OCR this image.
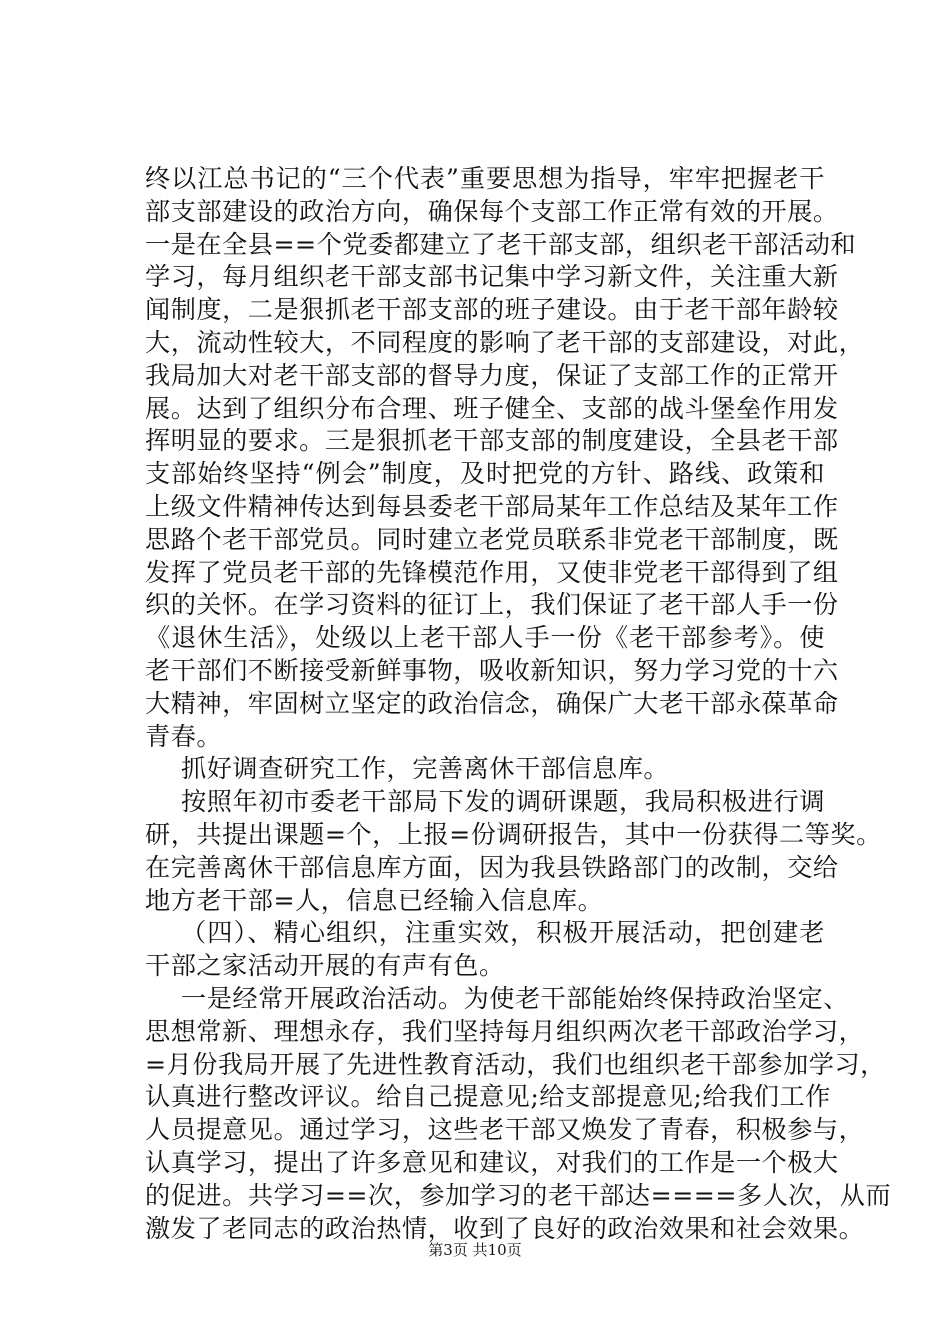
终以江总书记的“三个代表”重要思想为指导，牢牢把握老干
部支部建设的政治方向，确保每个支部工作正常有效的开展。
一是在全县==个党委都建立了老干部支部，组织老干部活动和
学习，每月组织老干部支部书记集中学习新文件，关注重大新
闻制度，二是狠抓老干部支部的班子建设。由于老干部年龄较
大，流动性较大，不同程度的影响了老干部的支部建设，对此，
我局加大对老干部支部的督导力度，保证了支部工作的正常开
展。达到了组织分布合理、班子健全、支部的战斗堡垒作用发
挥明显的要求。三是狠抓老干部支部的制度建设，全县老干部
支部始终坚持“例会”制度，及时把党的方针、路线、政策和
上级文件精神传达到每县委老干部局某年工作总结及某年工作
思路个老干部党员。同时建立老党员联系非党老干部制度，既
发挥了党员老干部的先锋模范作用，又使非党老干部得到了组
织的关怀。在学习资料的征订上，我们保证了老干部人手一份
《退休生活》，处级以上老干部人手一份《老干部参考》。使
老干部们不断接受新鲜事物，吸收新知识，努力学习党的十六
大精神，牢固树立坚定的政治信念，确保广大老干部永葆革命
青春。
抓好调查研究工作，完善离休干部信息库。
按照年初市委老干部局下发的调研课题，我局积极进行调
研，共提出课题=个，上报=份调研报告，其中一份获得二等奖。
在完善离休干部信息库方面，因为我县铁路部门的改制，交给
地方老干部=人，信息已经输入信息库。
（四）、精心组织，注重实效，积极开展活动，把创建老
干部之家活动开展的有声有色。
一是经常开展政治活动。为使老干部能始终保持政治坚定、
思想常新、理想永存，我们坚持每月组织两次老干部政治学习，
=月份我局开展了先进性教育活动，我们也组织老干部参加学习，
认真进行整改评议。给自己提意见;给支部提意见;给我们工作
人员提意见。通过学习，这些老干部又焕发了青春，积极参与，
认真学习，提出了许多意见和建议，对我们的工作是一个极大
的促进。共学习==次，参加学习的老干部达====多人次，从而
激发了老同志的政治热情，收到了良好的政治效果和社会效果。
第3页 共10页
